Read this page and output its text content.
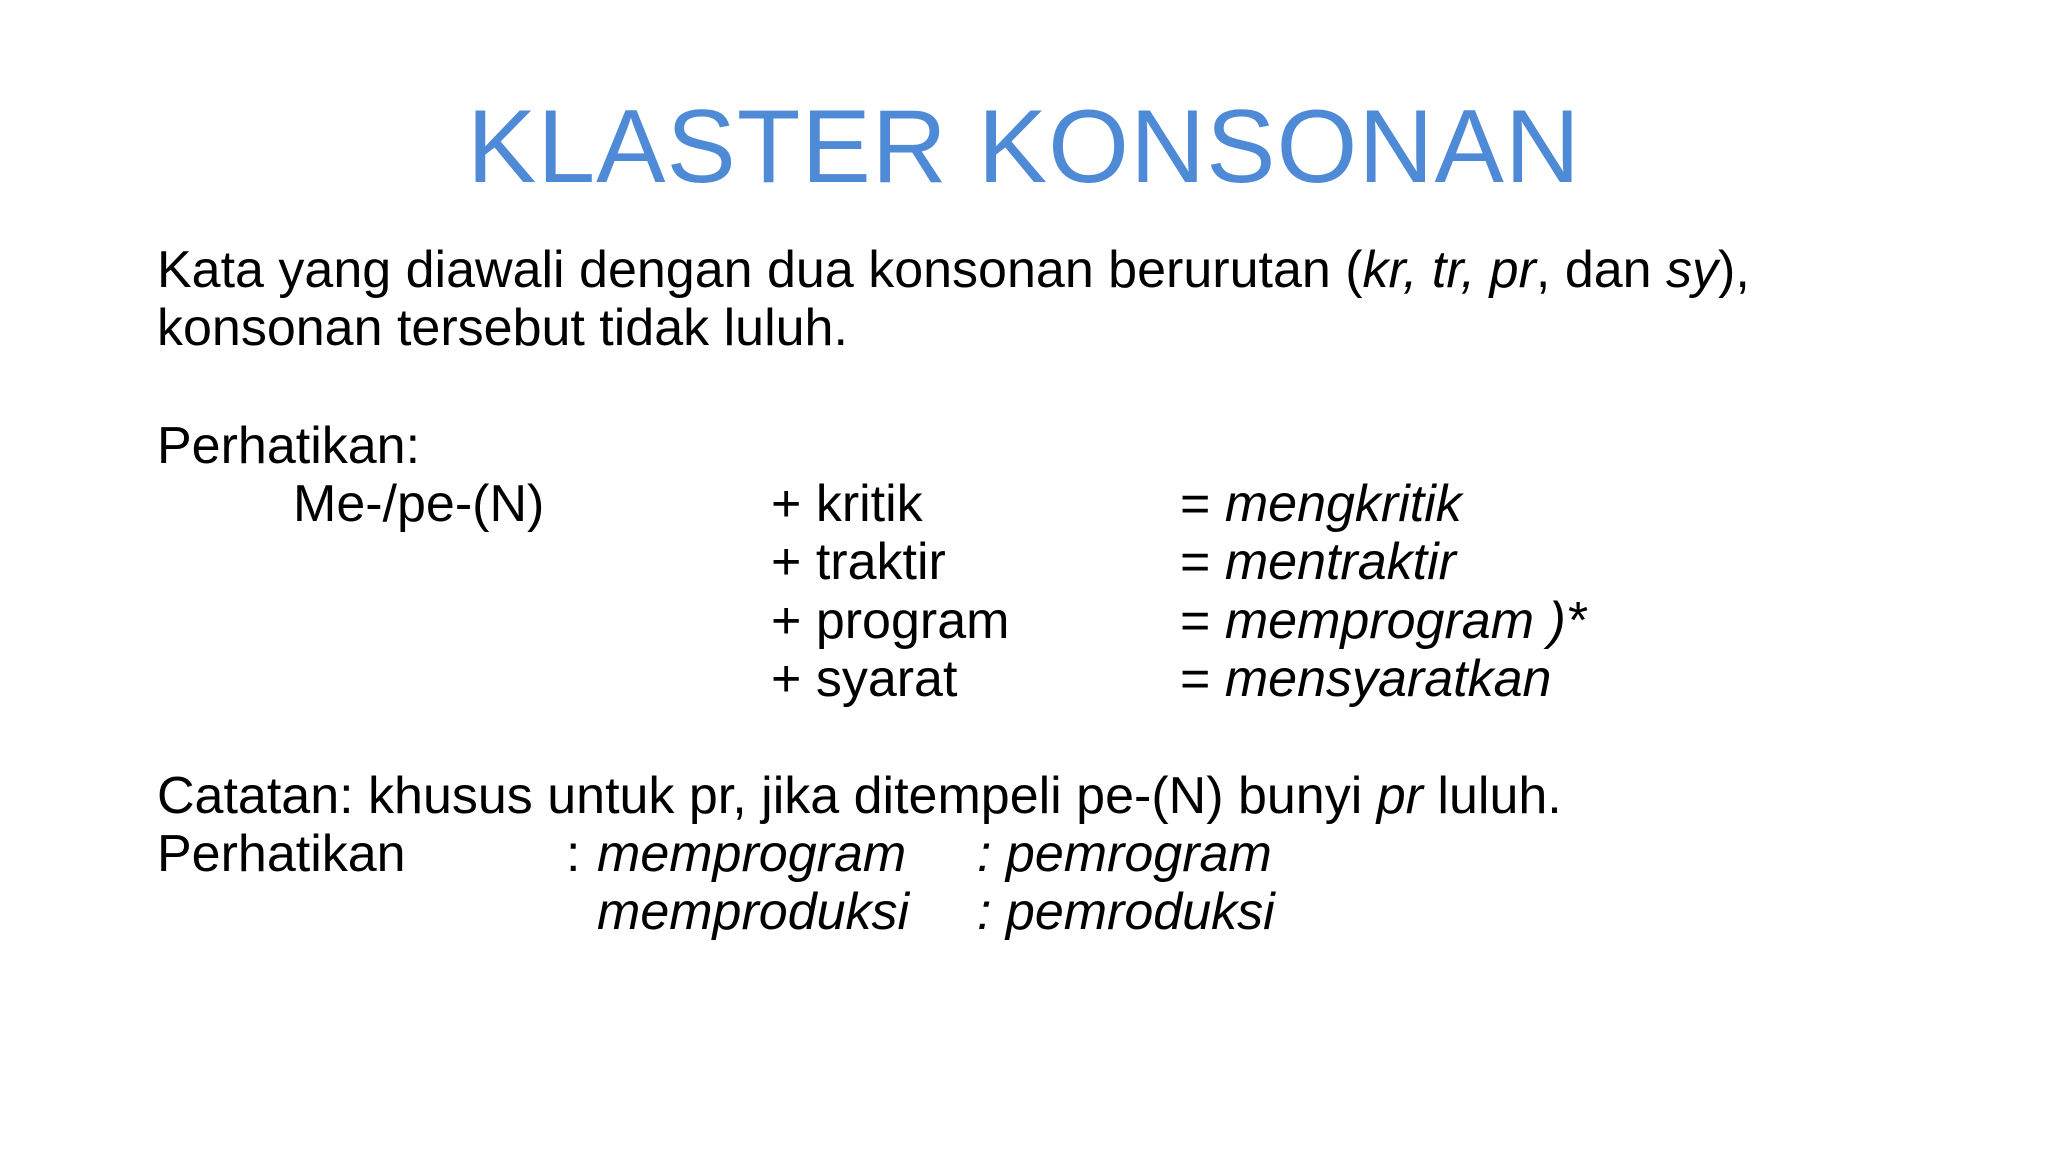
KLASTER KONSONAN
Kata yang diawali dengan dua konsonan berurutan (kr, tr, pr, dan sy),
konsonan tersebut tidak luluh.
Perhatikan:
Me-/pe-(N)	+ kritik	= mengkritik
+ traktir	= mentraktir
+ program	= memprogram )*
+ syarat	= mensyaratkan
Catatan: khusus untuk pr, jika ditempeli pe-(N) bunyi pr luluh.
Perhatikan	: memprogram : pemrogram
memproduksi : pemroduksi
